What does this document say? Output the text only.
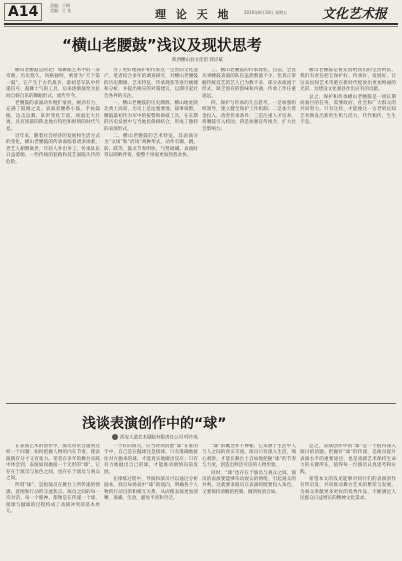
A14	责编：于梅
美编：王 怡	理 论 天 地	2016年8月19日 星期五	文化艺术报
“横山老腰鼓”浅议及现状思考
陕西横山县文化馆 郭应斌

横山老腰鼓是陕北广场舞蹈艺术中的一朵奇葩，历史悠久，风格独特，被誉为“天下第一鼓”。它产生于古代战争，最初是军队中传递信号、鼓舞士气的工具，后来逐渐演变为民间自娱自乐的舞蹈形式，流传至今。

老腰鼓的表演动作粗犷豪放，刚劲有力，充满了阳刚之美。表演者腰系小鼓，手执鼓槌，边击边舞，队形变化丰富，场面宏大壮观，具有浓郁的陕北地方特色和鲜明的时代气息。

近年来，随着社会经济的发展和生活方式的变化，横山老腰鼓的传承面临着诸多困难。老艺人相继离世，年轻人外出务工，传承队伍日益萎缩，一些传统的套路和技艺面临失传的危险。

为了更好地保护和传承这一宝贵的文化遗产，笔者结合多年的调查研究，对横山老腰鼓的历史渊源、艺术特征、传承现状等进行梳理和分析，并提出相应的对策建议，以期引起社会各界的关注。

一、横山老腰鼓的历史渊源。横山地处陕北黄土高原，历史上是边塞要地，战事频繁。腰鼓最初作为军中的报警和助威工具，在长期的历史发展中与当地民俗相结合，形成了独特的表演形式。

二、横山老腰鼓的艺术特征。其表演分为“文场”和“武场”两种形式，动作有踢、跳、转、跃等，鼓点节奏明快，气势磅礴。表演时常以唢呐伴奏，使整个场面更加热烈欢快。

三、横山老腰鼓的传承现状。目前，全县从事腰鼓表演的队伍虽然数量不少，但真正掌握传统技艺的艺人已为数不多，部分表演流于形式，缺乏原有的韵味和内涵，传承工作任重道远。

四、保护与传承的几点思考。一是加强组织领导，建立健全保护工作机制；二是加大资金投入，改善传承条件；三是注重人才培养，将腰鼓引入校园；四是加强宣传推介，扩大社会影响力。

横山老腰鼓是祖先留给我们的宝贵财富，我们有责任把它保护好、传承好、发展好，让这朵民间艺术奇葩在新时代绽放出更加绚丽的光彩，为建设文化强县作出应有的贡献。

总之，保护和传承横山老腰鼓是一项长期而艰巨的任务，需要政府、社会和广大群众的共同努力。只有这样，才能使这一古老的民间艺术焕发出新的生机与活力，代代相传，生生不息。

浅谈表演创作中的“球”
西安人道艺术剧院有限责任公司 呼沙英

在表演艺术的创作中，演员常常会遇到这样一个问题：如何把握人物的内在节奏，使表演既有分寸又有张力。笔者在多年的舞台实践中体会到，表演如同抛接一个无形的“球”，它存在于演员与角色之间，也存在于演员与观众之间。

所谓“球”，是指演员在舞台上所传递的情感、意图和行动的交流焦点。演员之间的每一次对话、每一个眼神，都像是在传递一个球，接球与抛球的过程构成了戏剧冲突的基本单元。

一个好的演员，应当时刻清楚“球”在谁的手中，自己是在抛球还是接球。只有准确地接住对方抛来的球，才能真实地做出反应；只有有力地抛出自己的球，才能推动剧情向前发展。

在排练过程中，导演和演员可以通过分析剧本，找出每场戏中“球”的流向，明确各个人物的行动目的和相互关系，从而使表演更加清晰、准确、生动，避免平淡和空泛。

“球”的概念并不神秘，它来源于生活中人与人之间的真实交流。演员只有深入生活，细心观察，才能在舞台上自如地把握“球”的节奏与力度，创造出鲜活可信的人物形象。

同时，“球”也存在于演员与观众之间。演员的表演要能够牵动观众的情绪，引起观众的共鸣，这就要求演员在表演时既要投入角色，又要保持清醒的控制，做到收放自如。

总之，表演创作中的“球”是一个值得深入探讨的话题。把握好“球”的传递，是演员提升表演水平的重要途径，也是戏剧艺术保持生命力的关键所在，值得每一位演员认真思考和实践。

希望本文的浅见能够对同行们的表演创作有所启发，共同推动舞台艺术的繁荣与发展，为观众奉献更多更好的优秀作品，不断满足人民群众日益增长的精神文化需求。
